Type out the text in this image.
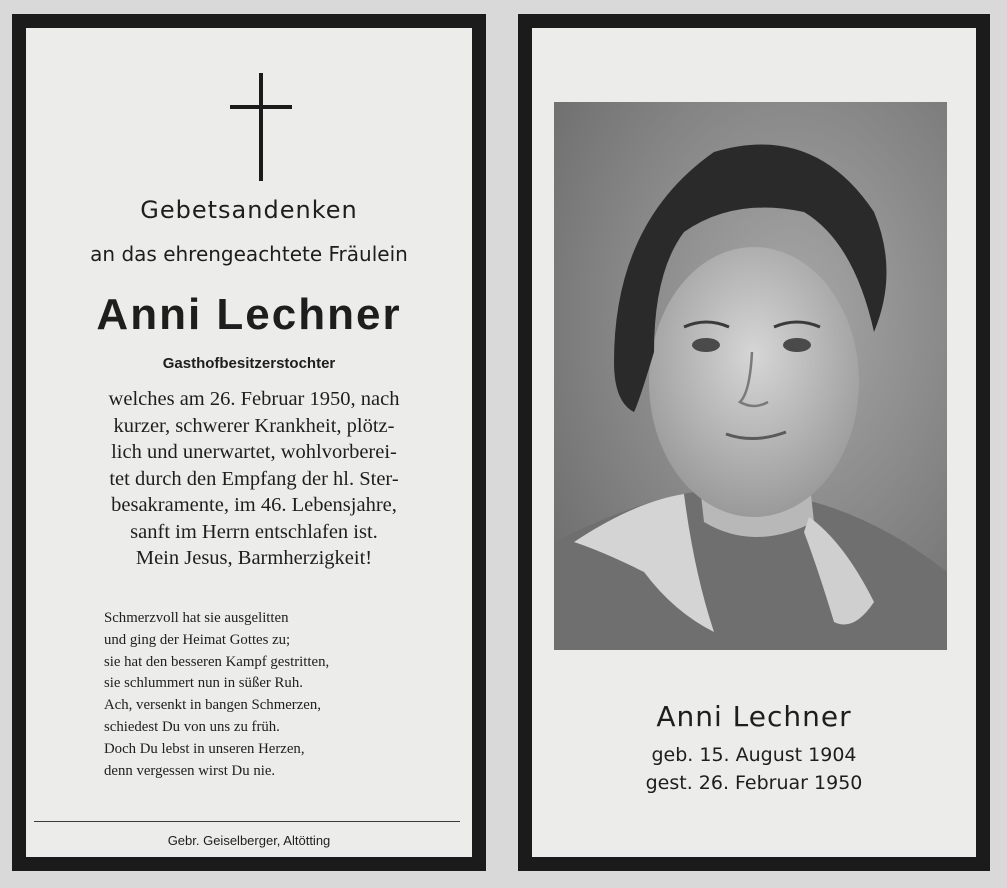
Gebetsandenken
an das ehrengeachtete Fräulein
Anni Lechner
Gasthofbesitzerstochter
welches am 26. Februar 1950, nach
kurzer, schwerer Krankheit, plötz-
lich und unerwartet, wohlvorberei-
tet durch den Empfang der hl. Ster-
besakramente, im 46. Lebensjahre,
sanft im Herrn entschlafen ist.
Mein Jesus, Barmherzigkeit!
Schmerzvoll hat sie ausgelitten
und ging der Heimat Gottes zu;
sie hat den besseren Kampf gestritten,
sie schlummert nun in süßer Ruh.
Ach, versenkt in bangen Schmerzen,
schiedest Du von uns zu früh.
Doch Du lebst in unseren Herzen,
denn vergessen wirst Du nie.
Gebr. Geiselberger, Altötting
Anni Lechner
geb. 15. August 1904
gest. 26. Februar 1950
